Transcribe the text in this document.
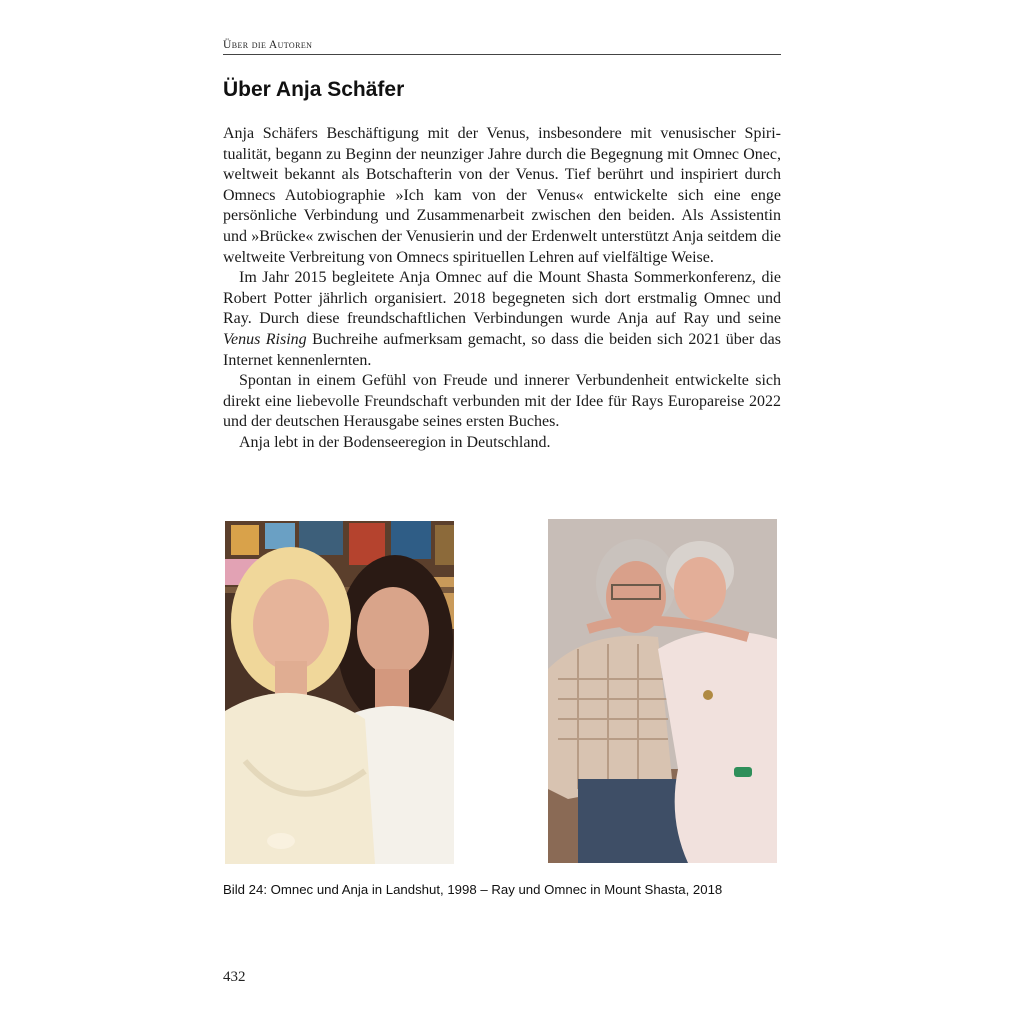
Über die Autoren
Über Anja Schäfer

Anja Schäfers Beschäftigung mit der Venus, insbesondere mit venusischer Spiritualität, begann zu Beginn der neunziger Jahre durch die Begegnung mit Omnec Onec, weltweit bekannt als Botschafterin von der Venus. Tief berührt und inspiriert durch Omnecs Autobiographie »Ich kam von der Venus« entwickelte sich eine enge persönliche Verbindung und Zusammenarbeit zwischen den beiden. Als Assistentin und »Brücke« zwischen der Venusierin und der Erdenwelt unterstützt Anja seitdem die weltweite Verbreitung von Omnecs spirituellen Lehren auf vielfältige Weise.

Im Jahr 2015 begleitete Anja Omnec auf die Mount Shasta Sommerkonferenz, die Robert Potter jährlich organisiert. 2018 begegneten sich dort erstmalig Omnec und Ray. Durch diese freundschaftlichen Verbindungen wurde Anja auf Ray und seine Venus Rising Buchreihe aufmerksam gemacht, so dass die beiden sich 2021 über das Internet kennenlernten.

Spontan in einem Gefühl von Freude und innerer Verbundenheit entwickelte sich direkt eine liebevolle Freundschaft verbunden mit der Idee für Rays Europareise 2022 und der deutschen Herausgabe seines ersten Buches.

Anja lebt in der Bodenseeregion in Deutschland.

Bild 24: Omnec und Anja in Landshut, 1998 – Ray und Omnec in Mount Shasta, 2018
432
